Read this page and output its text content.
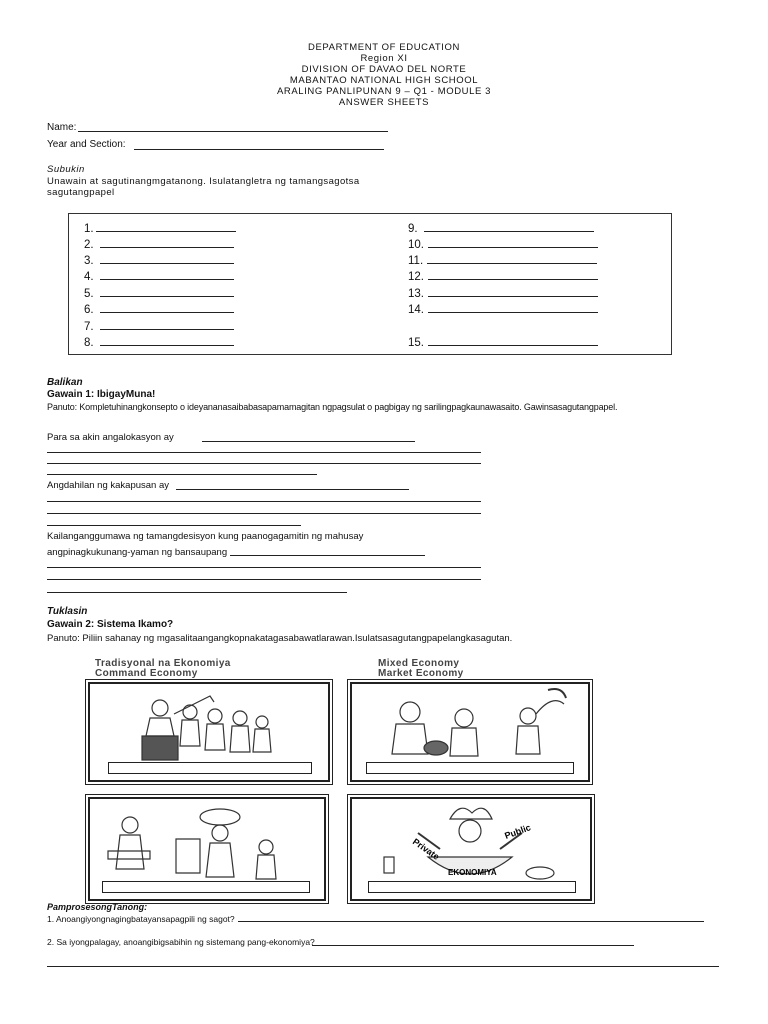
DEPARTMENT OF EDUCATION
Region XI
DIVISION OF DAVAO DEL NORTE
MABANTAO NATIONAL HIGH SCHOOL
ARALING PANLIPUNAN 9 – Q1 - MODULE 3
ANSWER SHEETS
Name:
Year and Section:
Subukin
Unawain at sagutinangmgatanong. Isulatangletra ng tamangsagotsa
sagutangpapel
1.
2.
3.
4.
5.
6.
7.
8.
9.
10.
11.
12.
13.
14.
15.
Balikan
Gawain 1: IbigayMuna!
Panuto: Kompletuhinangkonsepto o ideyananasaibabasapamamagitan ngpagsulat o pagbigay ng sarilingpagkaunawasaito. Gawinsasagutangpapel.
Para sa akin angalokasyon ay
Angdahilan ng kakapusan ay
Kailanganggumawa ng tamangdesisyon kung paanogagamitin ng mahusay
angpinagkukunang-yaman ng bansaupang
Tuklasin
Gawain 2: Sistema Ikamo?
Panuto: Piliin sahanay ng mgasalitaangangkopnakatagasabawatlarawan.Isulatsasagutangpapelangkasagutan.
Tradisyonal na Ekonomiya
Command Economy
Mixed Economy
Market Economy
Private
Public
EKONOMIYA
PamprosesongTanong:
1. Anoangiyongnagingbatayansapagpili ng sagot?
2. Sa iyongpalagay, anoangibigsabihin ng sistemang pang-ekonomiya?
